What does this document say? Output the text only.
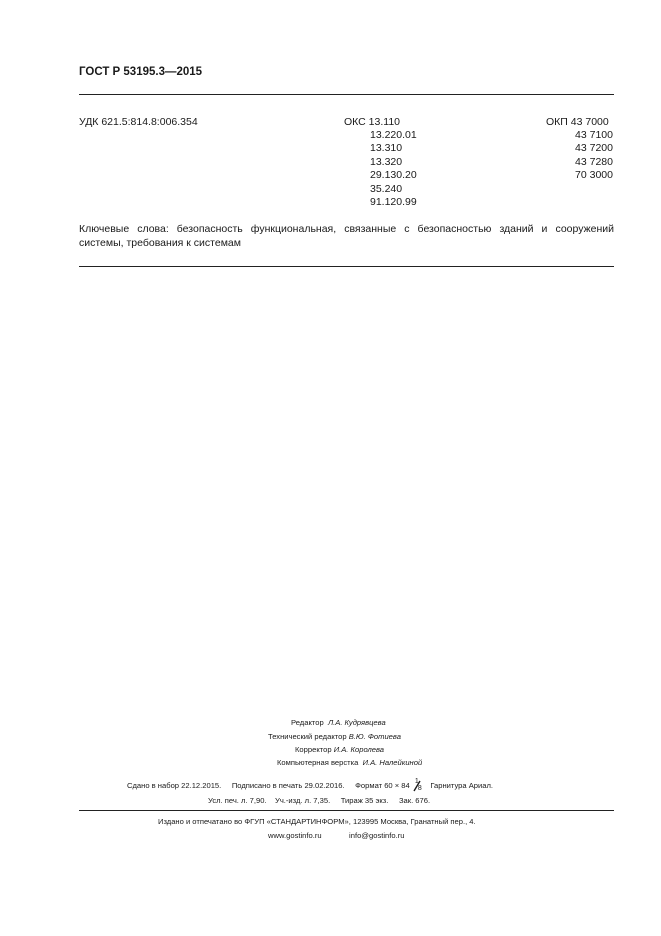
ГОСТ Р 53195.3—2015
УДК 621.5:814.8:006.354	ОКС 13.110
13.220.01
13.310
13.320
29.130.20
35.240
91.120.99
ОКП 43 7000
43 7100
43 7200
43 7280
70 3000
Ключевые слова: безопасность функциональная, связанные с безопасностью зданий и сооружений системы, требования к системам
Редактор Л.А. Кудрявцева
Технический редактор В.Ю. Фотиева
Корректор И.А. Королева
Компьютерная верстка И.А. Налейкиной
Сдано в набор 22.12.2015. Подписано в печать 29.02.2016. Формат 60 × 84 1
8 Гарнитура Ариал.
Усл. печ. л. 7,90. Уч.-изд. л. 7,35. Тираж 35 экз. Зак. 676.
Издано и отпечатано во ФГУП «СТАНДАРТИНФОРМ», 123995 Москва, Гранатный пер., 4.
www.gostinfo.ru	info@gostinfo.ru
